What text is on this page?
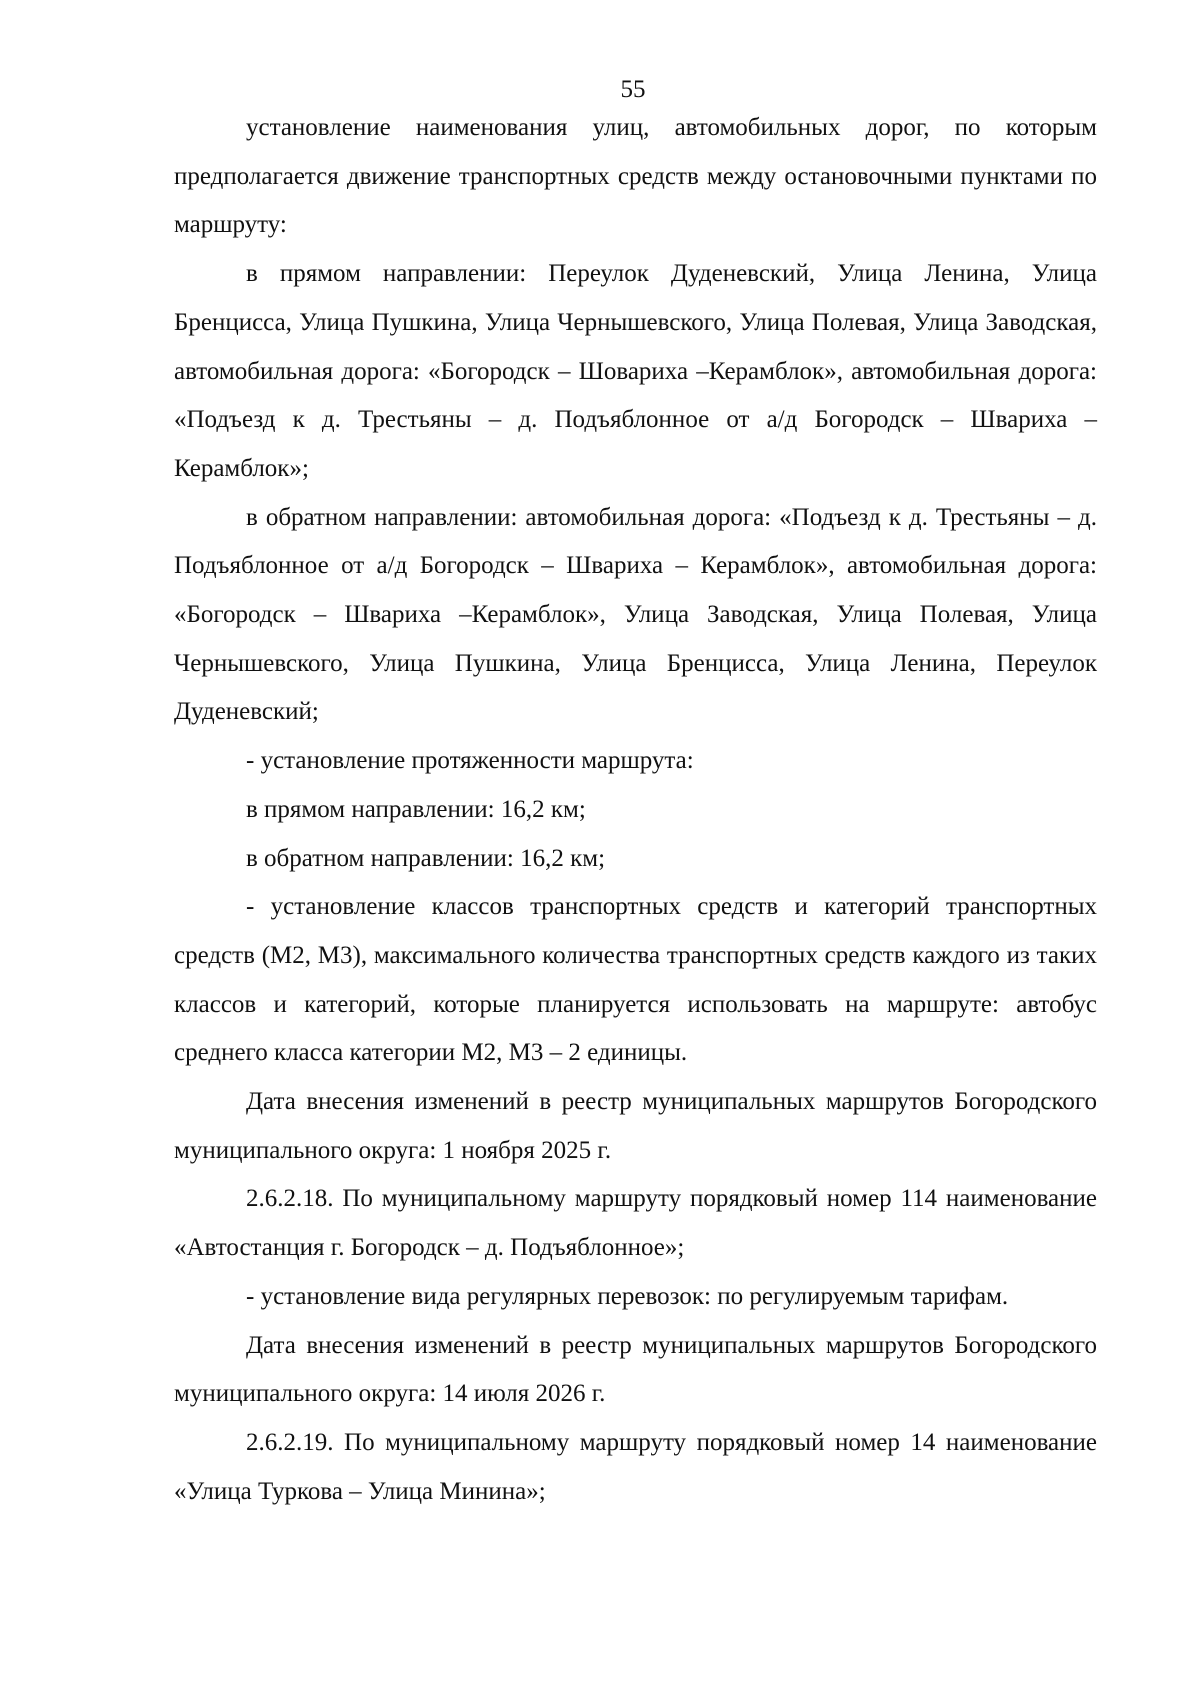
55

установление наименования улиц, автомобильных дорог, по которым предполагается движение транспортных средств между остановочными пунктами по маршруту:

в прямом направлении: Переулок Дуденевский, Улица Ленина, Улица Бренцисса, Улица Пушкина, Улица Чернышевского, Улица Полевая, Улица Заводская, автомобильная дорога: «Богородск – Шовариха –Керамблок», автомобильная дорога: «Подъезд к д. Трестьяны – д. Подъяблонное от а/д Богородск – Швариха – Керамблок»;

в обратном направлении: автомобильная дорога: «Подъезд к д. Трестьяны – д. Подъяблонное от а/д Богородск – Швариха – Керамблок», автомобильная дорога: «Богородск – Швариха –Керамблок», Улица Заводская, Улица Полевая, Улица Чернышевского, Улица Пушкина, Улица Бренцисса, Улица Ленина, Переулок Дуденевский;

- установление протяженности маршрута:

в прямом направлении: 16,2 км;

в обратном направлении: 16,2 км;

- установление классов транспортных средств и категорий транспортных средств (М2, М3), максимального количества транспортных средств каждого из таких классов и категорий, которые планируется использовать на маршруте: автобус среднего класса категории М2, М3 – 2 единицы.

Дата внесения изменений в реестр муниципальных маршрутов Богородского муниципального округа: 1 ноября 2025 г.

2.6.2.18. По муниципальному маршруту порядковый номер 114 наименование «Автостанция г. Богородск – д. Подъяблонное»;

- установление вида регулярных перевозок: по регулируемым тарифам.

Дата внесения изменений в реестр муниципальных маршрутов Богородского муниципального округа: 14 июля 2026 г.

2.6.2.19. По муниципальному маршруту порядковый номер 14 наименование «Улица Туркова – Улица Минина»;
